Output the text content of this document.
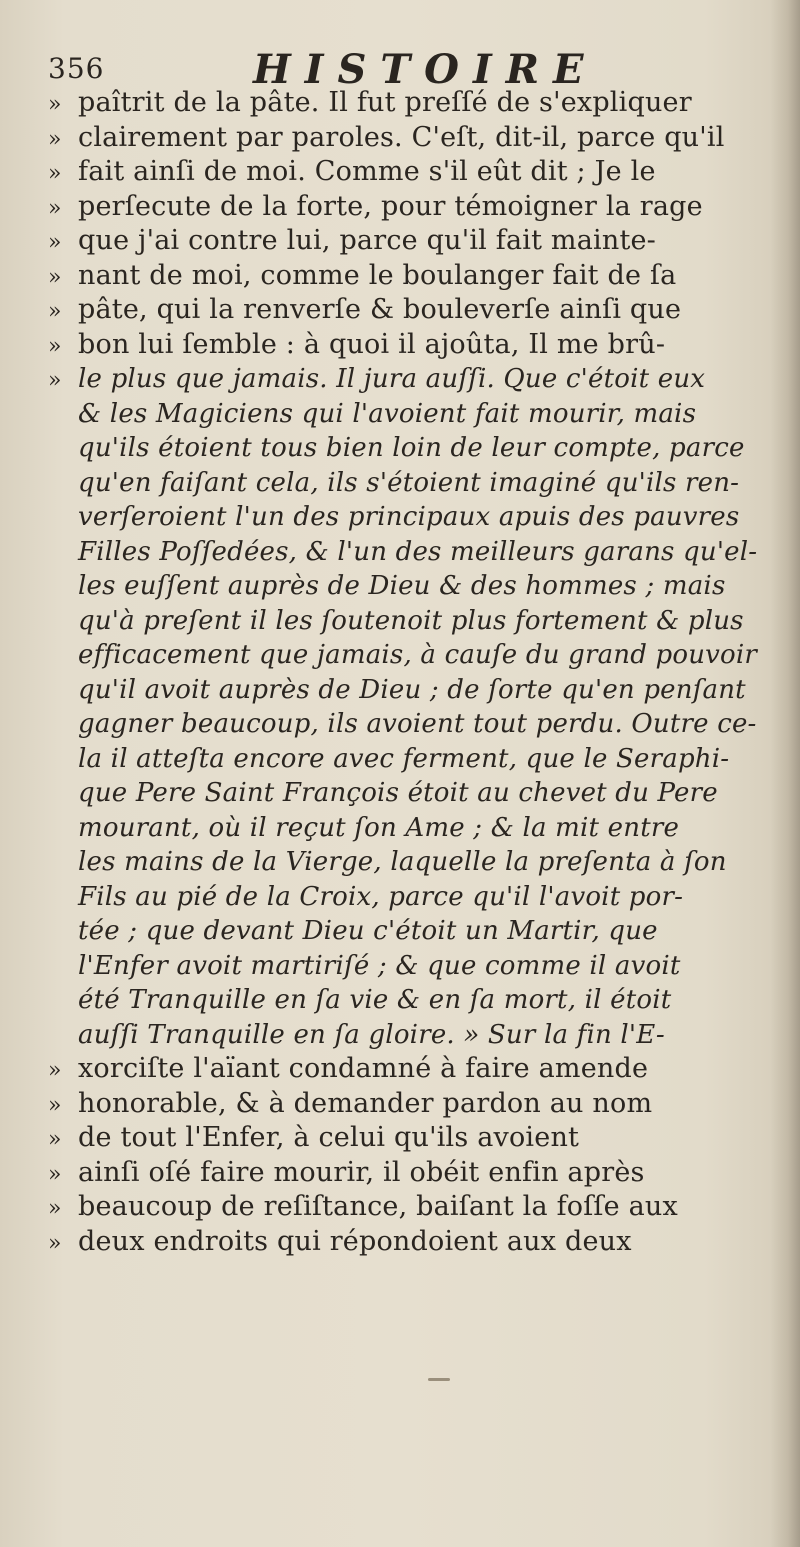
356	HISTOIRE
» paîtrit de la pâte. Il fut preſſé de s'expliquer
» clairement par paroles. C'eſt, dit-il, parce qu'il
» fait ainſi de moi. Comme s'il eût dit ; Je le
» perſecute de la forte, pour témoigner la rage
» que j'ai contre lui, parce qu'il fait mainte-
» nant de moi, comme le boulanger fait de ſa
» pâte, qui la renverſe & bouleverſe ainſi que
» bon lui ſemble : à quoi il ajoûta, Il me brû-
» le plus que jamais. Il jura auſſi. Que c'étoit eux
& les Magiciens qui l'avoient fait mourir, mais
qu'ils étoient tous bien loin de leur compte, parce
qu'en faiſant cela, ils s'étoient imaginé qu'ils ren-
verſeroient l'un des principaux apuis des pauvres
Filles Poſſedées, & l'un des meilleurs garans qu'el-
les euſſent auprès de Dieu & des hommes ; mais
qu'à preſent il les ſoutenoit plus fortement & plus
efficacement que jamais, à cauſe du grand pouvoir
qu'il avoit auprès de Dieu ; de ſorte qu'en penſant
gagner beaucoup, ils avoient tout perdu. Outre ce-
la il atteſta encore avec ferment, que le Seraphi-
que Pere Saint François étoit au chevet du Pere
mourant, où il reçut ſon Ame ; & la mit entre
les mains de la Vierge, laquelle la preſenta à ſon
Fils au pié de la Croix, parce qu'il l'avoit por-
tée ; que devant Dieu c'étoit un Martir, que
l'Enfer avoit martiriſé ; & que comme il avoit
été Tranquille en ſa vie & en ſa mort, il étoit
auſſi Tranquille en ſa gloire. » Sur la fin l'E-
» xorciſte l'aïant condamné à faire amende
» honorable, & à demander pardon au nom
» de tout l'Enfer, à celui qu'ils avoient
» ainſi oſé faire mourir, il obéit enfin après
» beaucoup de reſiſtance, baiſant la foſſe aux
» deux endroits qui répondoient aux deux
